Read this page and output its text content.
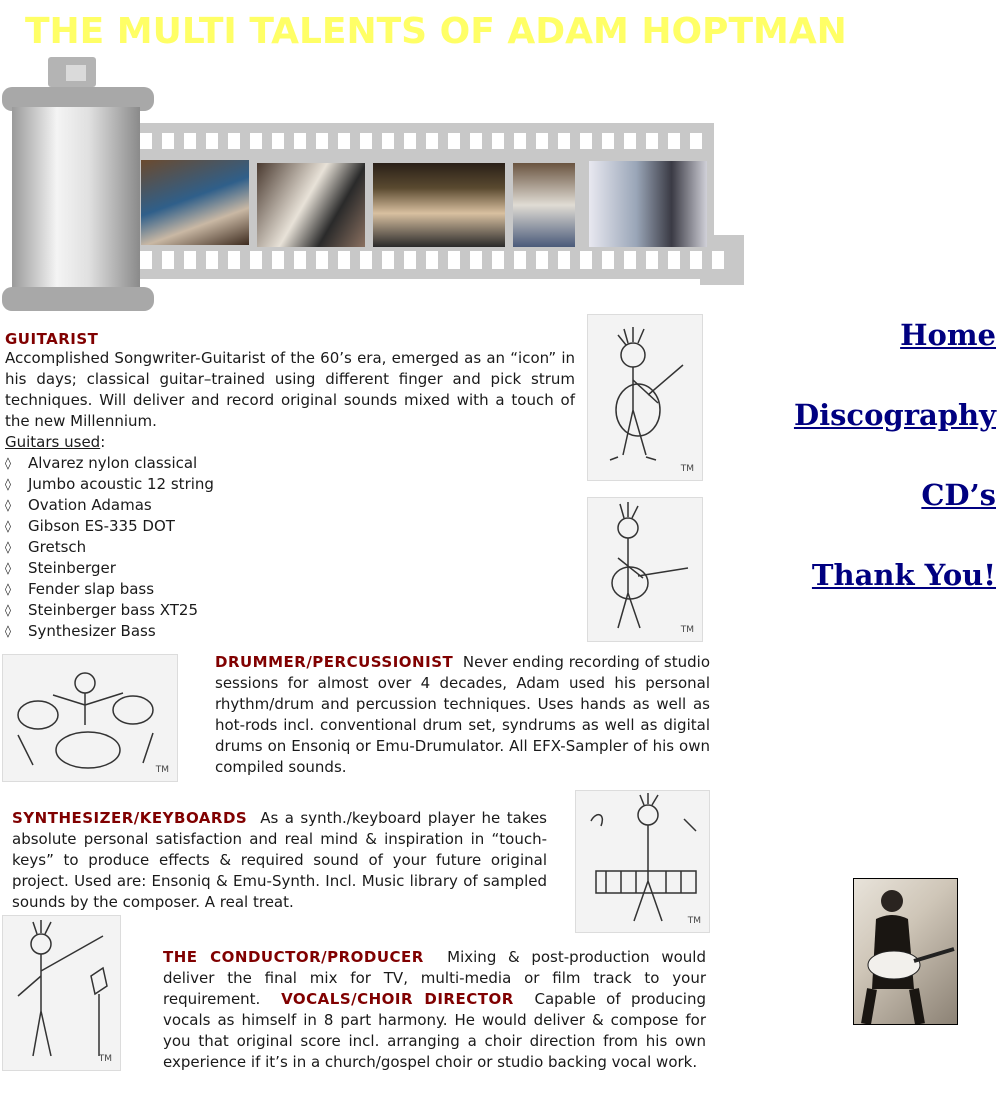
THE MULTI TALENTS OF ADAM HOPTMAN
GUITARIST
Accomplished Songwriter-Guitarist of the 60’s era, emerged as an “icon” in his days; classical guitar–trained using different finger and pick strum techniques. Will deliver and record original sounds mixed with a touch of the new Millennium.
Guitars used:
◊ Alvarez nylon classical
◊ Jumbo acoustic 12 string
◊ Ovation Adamas
◊ Gibson ES-335 DOT
◊ Gretsch
◊ Steinberger
◊ Fender slap bass
◊ Steinberger bass XT25
◊ Synthesizer Bass
TM
TM
TM
DRUMMER/PERCUSSIONIST Never ending recording of studio sessions for almost over 4 decades, Adam used his personal rhythm/drum and percussion techniques. Uses hands as well as hot-rods incl. conventional drum set, syndrums as well as digital drums on Ensoniq or Emu-Drumulator. All EFX-Sampler of his own compiled sounds.
SYNTHESIZER/KEYBOARDS As a synth./keyboard player he takes absolute personal satisfaction and real mind & inspiration in “touch-keys” to produce effects & required sound of your future original project. Used are: Ensoniq & Emu-Synth. Incl. Music library of sampled sounds by the composer. A real treat.
TM
TM
THE CONDUCTOR/PRODUCER Mixing & post-production would deliver the final mix for TV, multi-media or film track to your requirement. VOCALS/CHOIR DIRECTOR Capable of producing vocals as himself in 8 part harmony. He would deliver & compose for you that original score incl. arranging a choir direction from his own experience if it’s in a church/gospel choir or studio backing vocal work.
Home
Discography
CD’s
Thank You!
